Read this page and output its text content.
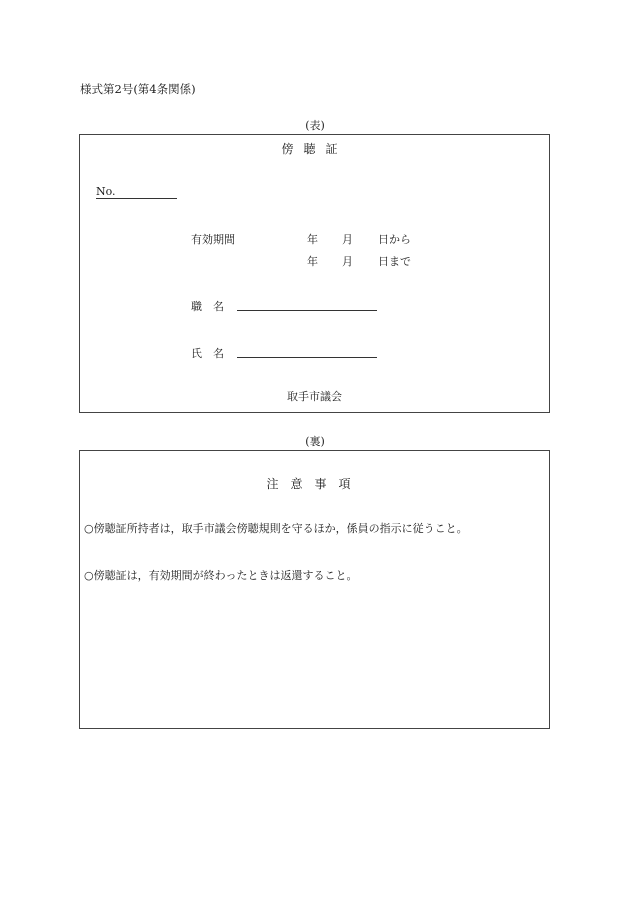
様式第2号(第4条関係)
(表)
傍聴証
No.
有効期間	年 月 日から
年 月 日まで
職　名
氏　名
取手市議会
(裏)
注意事項
○傍聴証所持者は，取手市議会傍聴規則を守るほか，係員の指示に従うこと。
○傍聴証は，有効期間が終わったときは返還すること。
